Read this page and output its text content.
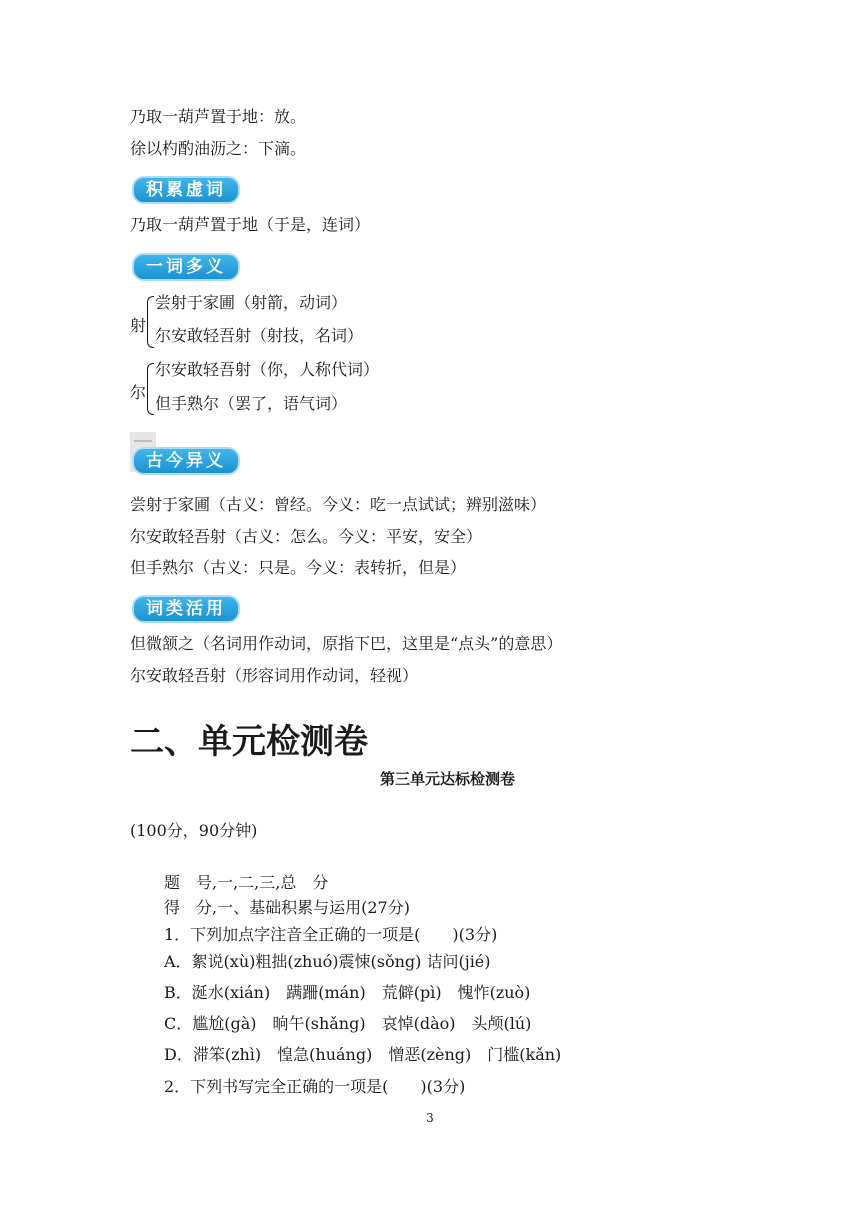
乃取一葫芦置于地：放。
徐以杓酌油沥之：下滴。
积累虚词
乃取一葫芦置于地（于是，连词）
一词多义
射
尝射于家圃（射箭，动词）
尔安敢轻吾射（射技，名词）
尔
尔安敢轻吾射（你，人称代词）
但手熟尔（罢了，语气词）
古今异义
尝射于家圃（古义：曾经。今义：吃一点试试；辨别滋味）
尔安敢轻吾射（古义：怎么。今义：平安，安全）
但手熟尔（古义：只是。今义：表转折，但是）
词类活用
但微颔之（名词用作动词，原指下巴，这里是“点头”的意思）
尔安敢轻吾射（形容词用作动词，轻视）
二、单元检测卷
第三单元达标检测卷
(100分，90分钟)
题　号,一,二,三,总　分
得　分,一、基础积累与运用(27分)
1．下列加点字注音全正确的一项是(　　)(3分)
A．絮说(xù)粗拙(zhuó)震悚(sǒng) 诘问(jié)
B．涎水(xián)　蹒跚(mán)　荒僻(pì)　愧怍(zuò)
C．尴尬(gà)　晌午(shǎng)　哀悼(dào)　头颅(lú)
D．滞笨(zhì)　惶急(huáng)　憎恶(zèng)　门槛(kǎn)
2．下列书写完全正确的一项是(　　)(3分)
3
